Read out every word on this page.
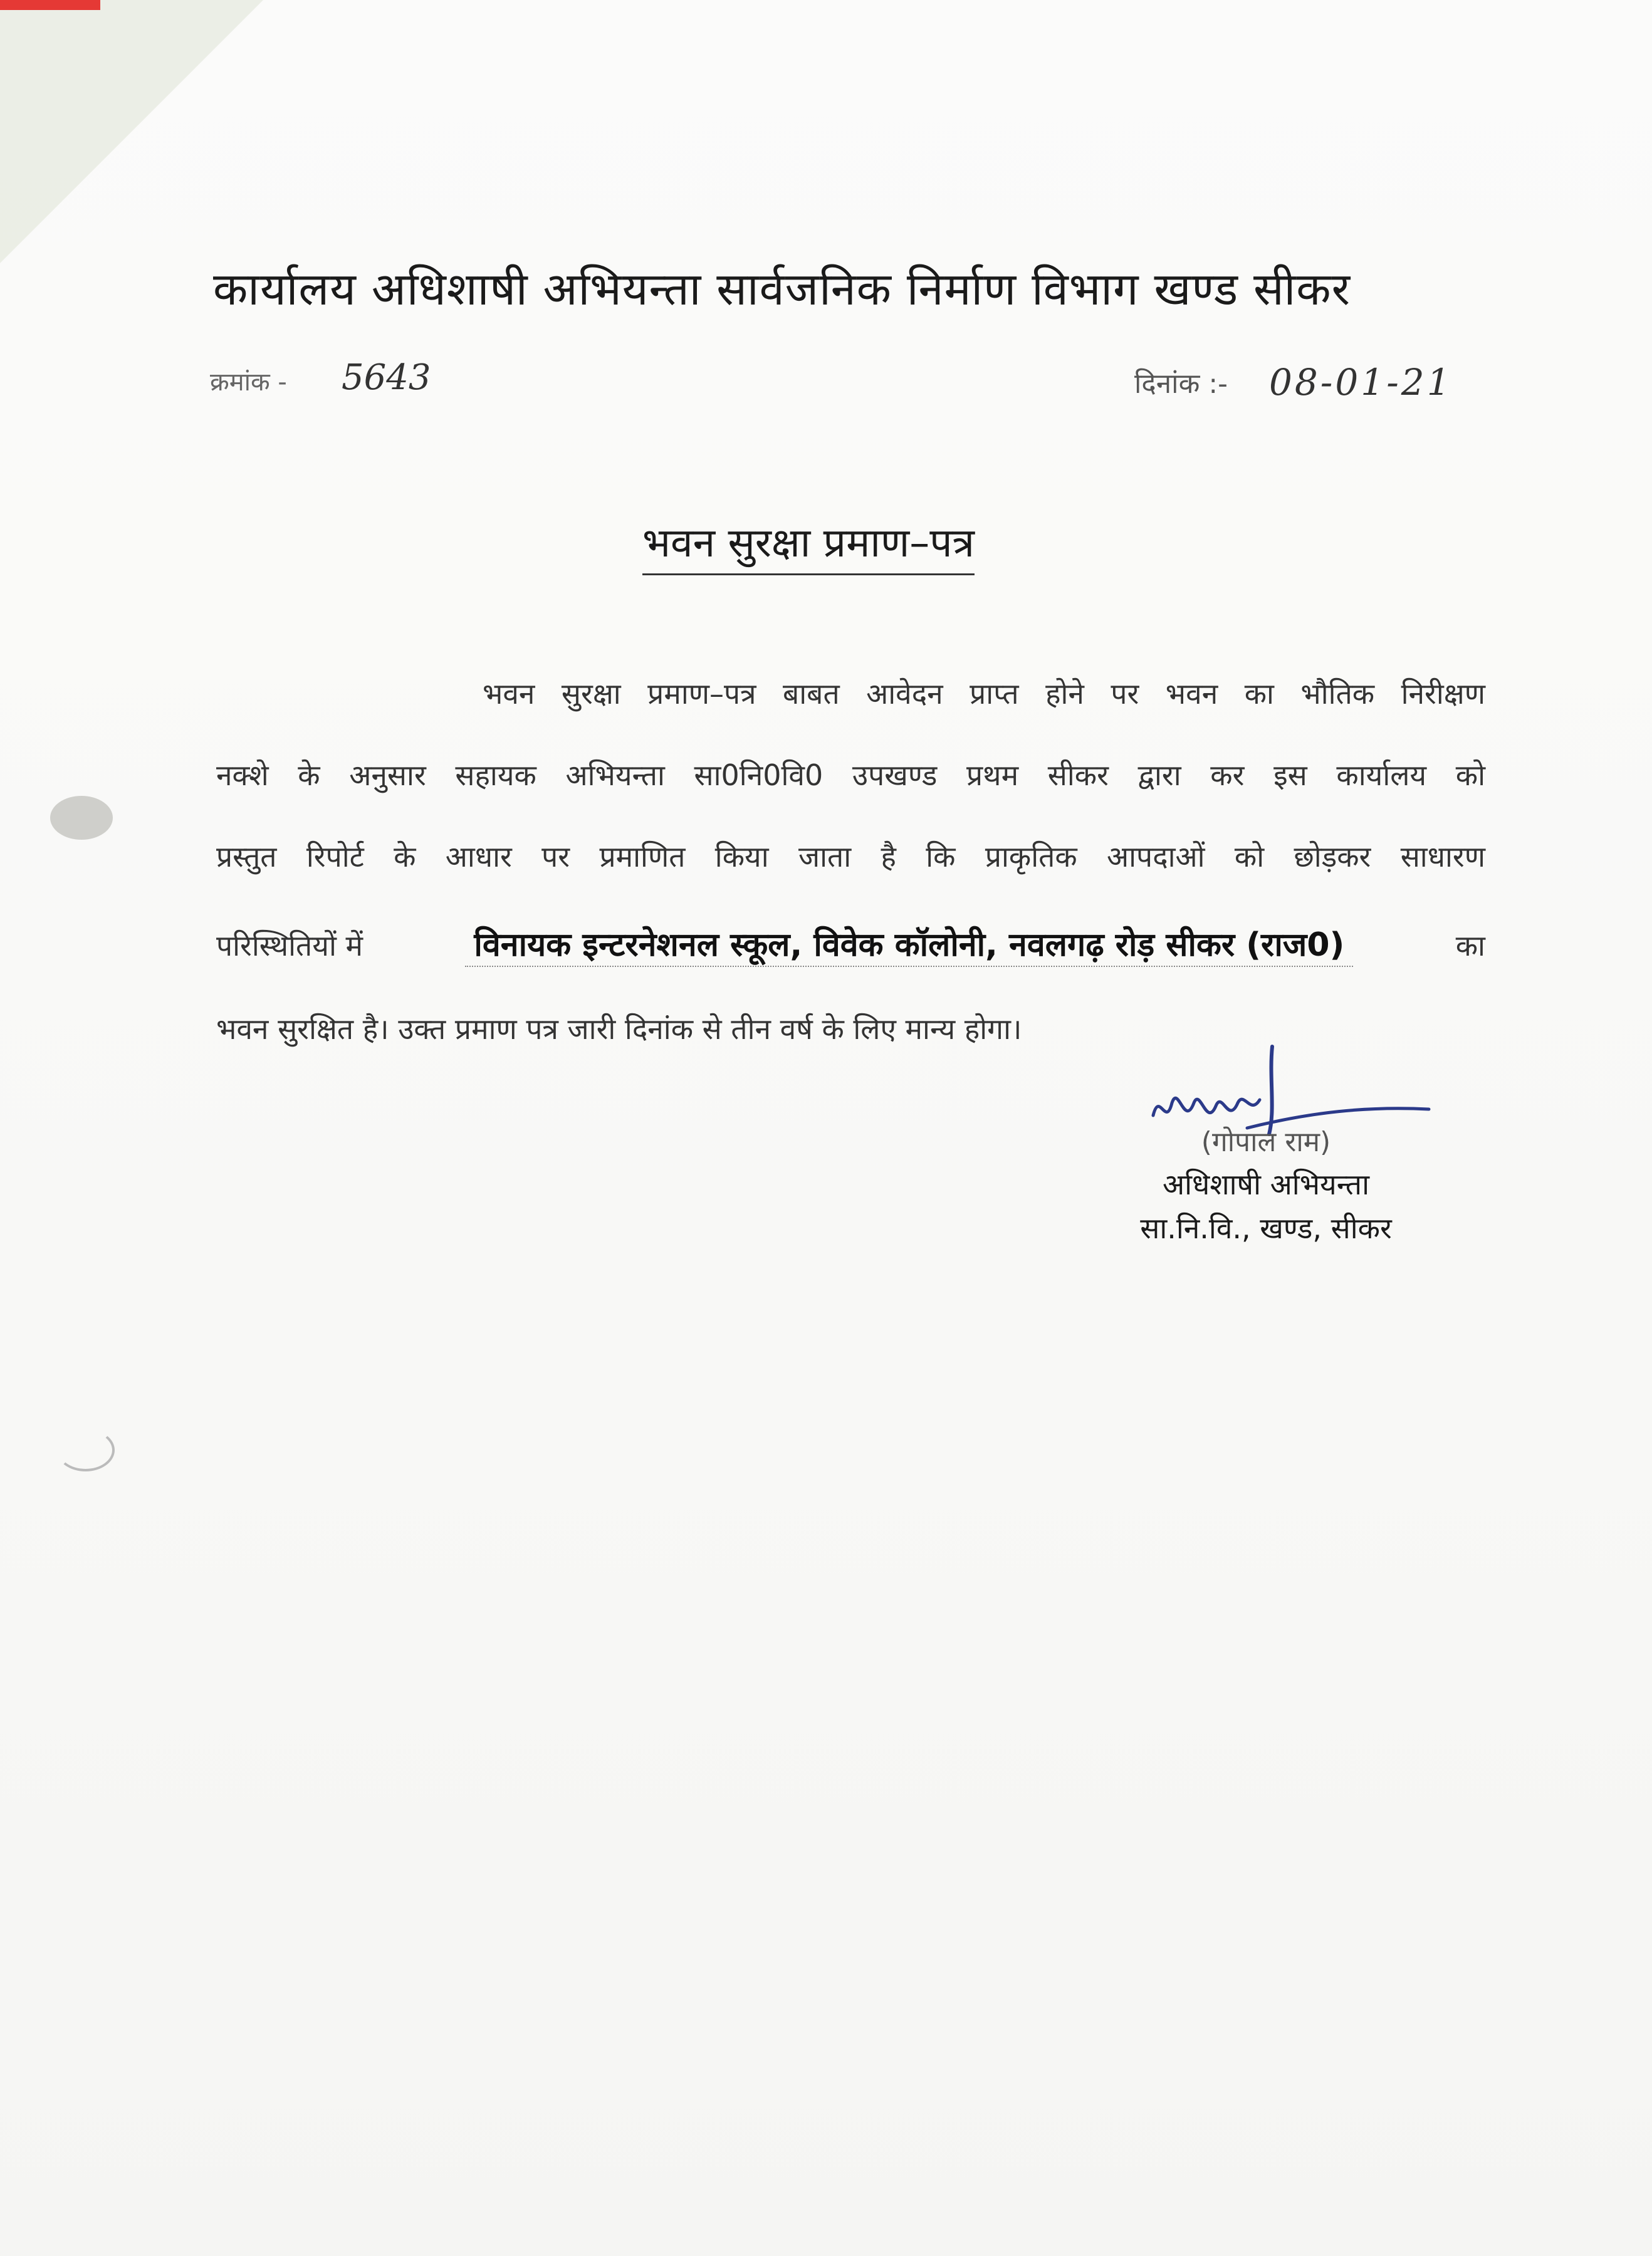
कार्यालय अधिशाषी अभियन्ता सार्वजनिक निर्माण विभाग खण्ड सीकर
क्रमांक - 5643	दिनांक :- 08-01-21
भवन सुरक्षा प्रमाण–पत्र
भवन सुरक्षा प्रमाण–पत्र बाबत आवेदन प्राप्त होने पर भवन का भौतिक निरीक्षण
नक्शे के अनुसार सहायक अभियन्ता सा0नि0वि0 उपखण्ड प्रथम सीकर द्वारा कर इस कार्यालय को
प्रस्तुत रिपोर्ट के आधार पर प्रमाणित किया जाता है कि प्राकृतिक आपदाओं को छोड़कर साधारण
परिस्थितियों में	विनायक इन्टरनेशनल स्कूल, विवेक कॉलोनी, नवलगढ़ रोड़ सीकर (राज0)	का
भवन सुरक्षित है। उक्त प्रमाण पत्र जारी दिनांक से तीन वर्ष के लिए मान्य होगा।
(गोपाल राम)
अधिशाषी अभियन्ता
सा.नि.वि., खण्ड, सीकर
